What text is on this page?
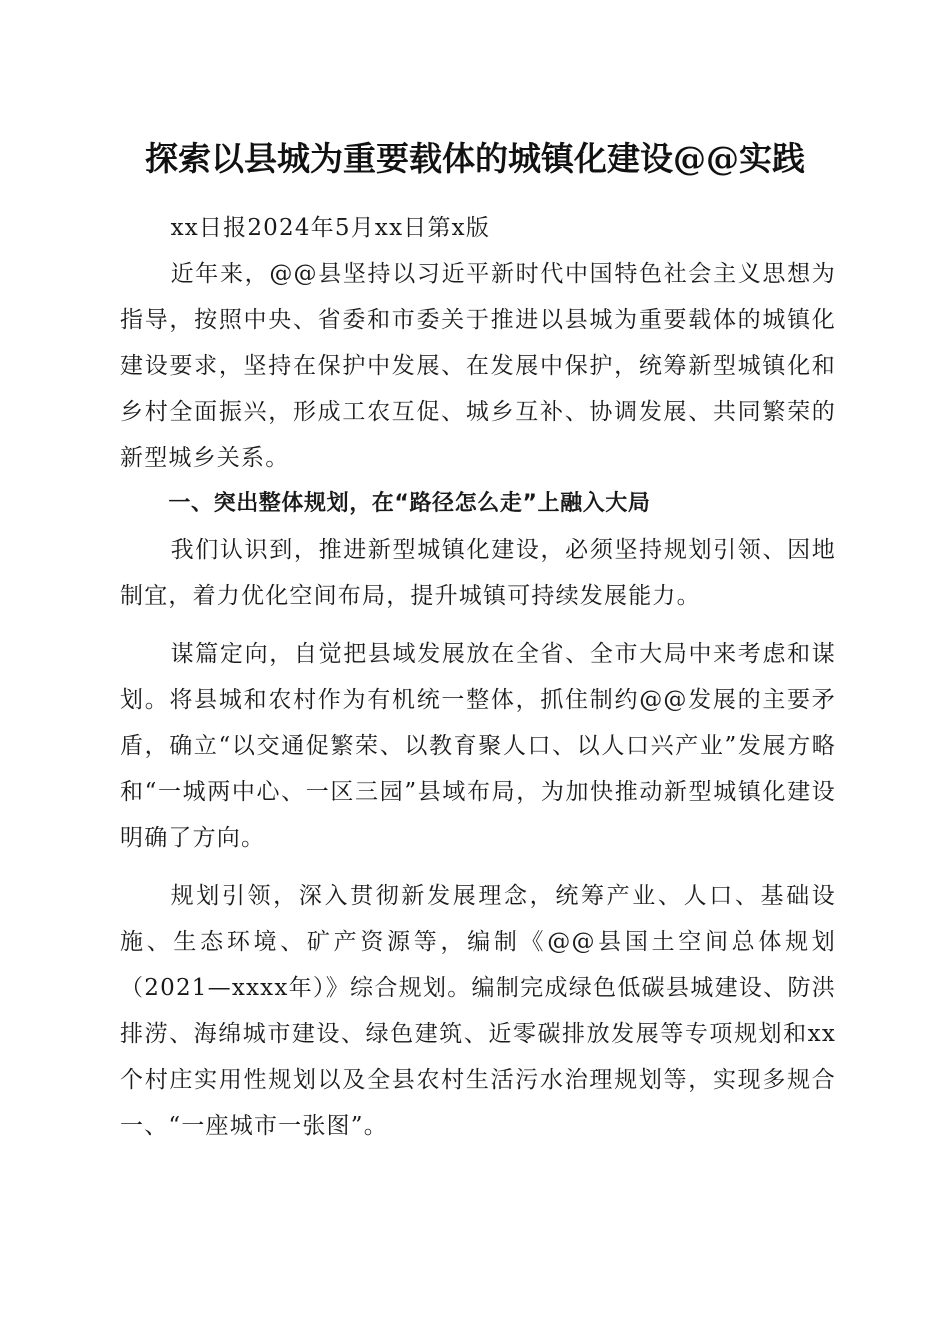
探索以县城为重要载体的城镇化建设@@实践

xx日报2024年5月xx日第x版

近年来，@@县坚持以习近平新时代中国特色社会主义思想为指导，按照中央、省委和市委关于推进以县城为重要载体的城镇化建设要求，坚持在保护中发展、在发展中保护，统筹新型城镇化和乡村全面振兴，形成工农互促、城乡互补、协调发展、共同繁荣的新型城乡关系。

一、突出整体规划，在“路径怎么走”上融入大局

我们认识到，推进新型城镇化建设，必须坚持规划引领、因地制宜，着力优化空间布局，提升城镇可持续发展能力。

谋篇定向，自觉把县域发展放在全省、全市大局中来考虑和谋划。将县城和农村作为有机统一整体，抓住制约@@发展的主要矛盾，确立“以交通促繁荣、以教育聚人口、以人口兴产业”发展方略和“一城两中心、一区三园”县域布局，为加快推动新型城镇化建设明确了方向。

规划引领，深入贯彻新发展理念，统筹产业、人口、基础设施、生态环境、矿产资源等，编制《@@县国土空间总体规划（2021—xxxx年）》综合规划。编制完成绿色低碳县城建设、防洪排涝、海绵城市建设、绿色建筑、近零碳排放发展等专项规划和xx个村庄实用性规划以及全县农村生活污水治理规划等，实现多规合一、“一座城市一张图”。
